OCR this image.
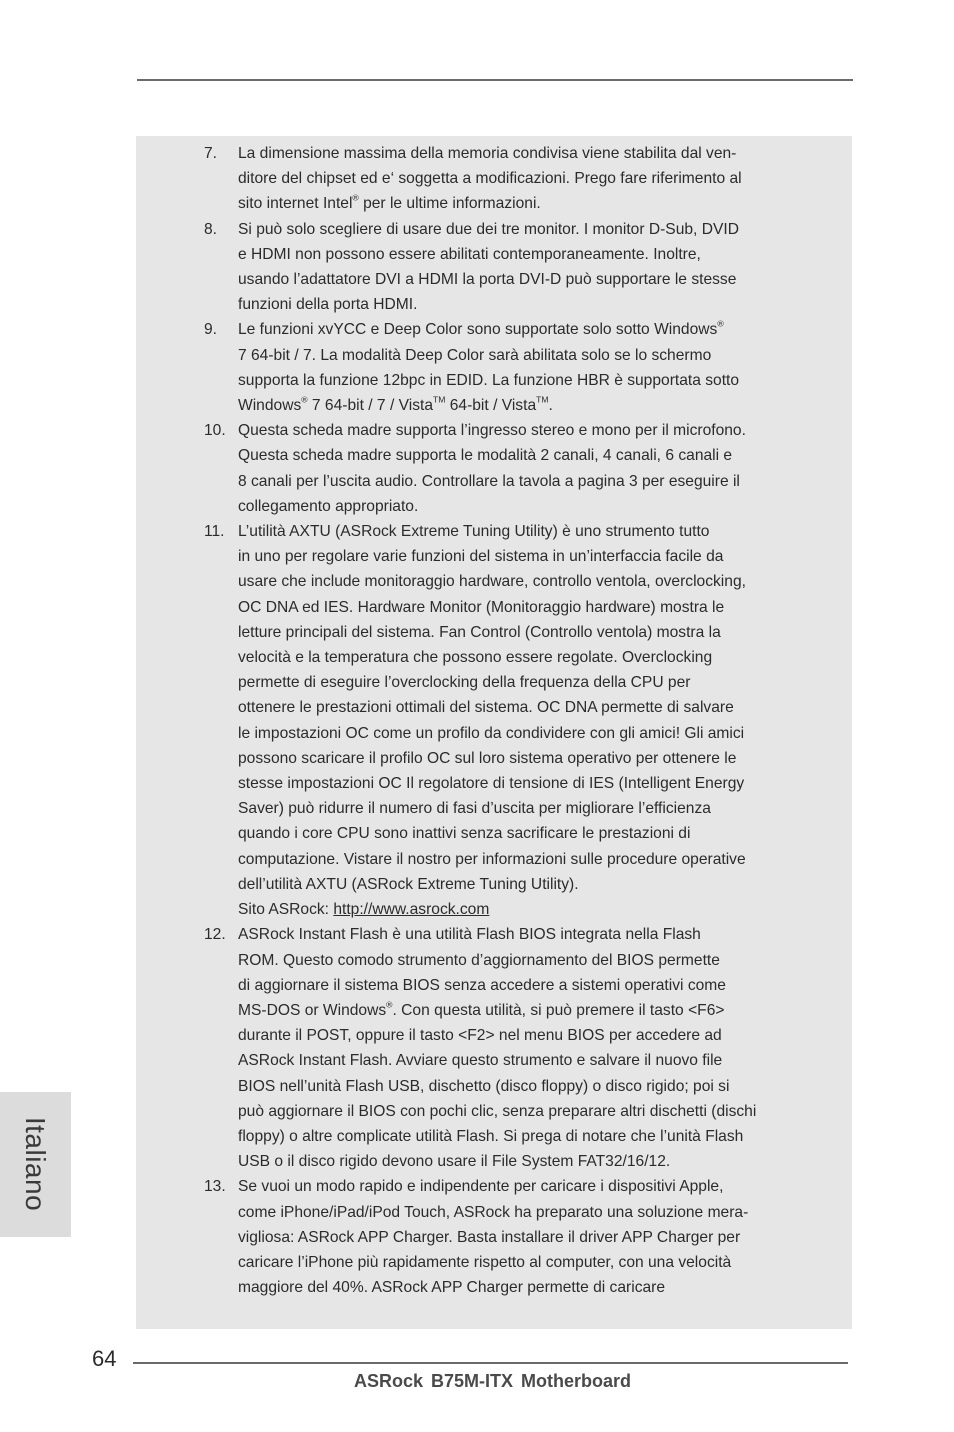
7.	La dimensione massima della memoria condivisa viene stabilita dal ven-
ditore del chipset ed e‘ soggetta a modificazioni. Prego fare riferimento al
sito internet Intel® per le ultime informazioni.
8.	Si può solo scegliere di usare due dei tre monitor. I monitor D-Sub, DVID
e HDMI non possono essere abilitati contemporaneamente. Inoltre,
usando l’adattatore DVI a HDMI la porta DVI-D può supportare le stesse
funzioni della porta HDMI.
9.	Le funzioni xvYCC e Deep Color sono supportate solo sotto Windows®
7 64-bit / 7. La modalità Deep Color sarà abilitata solo se lo schermo
supporta la funzione 12bpc in EDID. La funzione HBR è supportata sotto
Windows® 7 64-bit / 7 / Vista™ 64-bit / Vista™.
10. Questa scheda madre supporta l’ingresso stereo e mono per il microfono.
Questa scheda madre supporta le modalità 2 canali, 4 canali, 6 canali e
8 canali per l’uscita audio. Controllare la tavola a pagina 3 per eseguire il
collegamento appropriato.
11. L’utilità AXTU (ASRock Extreme Tuning Utility) è uno strumento tutto
in uno per regolare varie funzioni del sistema in un’interfaccia facile da
usare che include monitoraggio hardware, controllo ventola, overclocking,
OC DNA ed IES. Hardware Monitor (Monitoraggio hardware) mostra le
letture principali del sistema. Fan Control (Controllo ventola) mostra la
velocità e la temperatura che possono essere regolate. Overclocking
permette di eseguire l’overclocking della frequenza della CPU per
ottenere le prestazioni ottimali del sistema. OC DNA permette di salvare
le impostazioni OC come un profilo da condividere con gli amici! Gli amici
possono scaricare il profilo OC sul loro sistema operativo per ottenere le
stesse impostazioni OC Il regolatore di tensione di IES (Intelligent Energy
Saver) può ridurre il numero di fasi d’uscita per migliorare l’efficienza
quando i core CPU sono inattivi senza sacrificare le prestazioni di
computazione. Vistare il nostro per informazioni sulle procedure operative
dell’utilità AXTU (ASRock Extreme Tuning Utility).
Sito ASRock: http://www.asrock.com
12. ASRock Instant Flash è una utilità Flash BIOS integrata nella Flash
ROM. Questo comodo strumento d’aggiornamento del BIOS permette
di aggiornare il sistema BIOS senza accedere a sistemi operativi come
MS-DOS or Windows®. Con questa utilità, si può premere il tasto <F6>
durante il POST, oppure il tasto <F2> nel menu BIOS per accedere ad
ASRock Instant Flash. Avviare questo strumento e salvare il nuovo file
BIOS nell’unità Flash USB, dischetto (disco floppy) o disco rigido; poi si
può aggiornare il BIOS con pochi clic, senza preparare altri dischetti (dischi
floppy) o altre complicate utilità Flash. Si prega di notare che l’unità Flash
USB o il disco rigido devono usare il File System FAT32/16/12.
13. Se vuoi un modo rapido e indipendente per caricare i dispositivi Apple,
come iPhone/iPad/iPod Touch, ASRock ha preparato una soluzione mera-
vigliosa: ASRock APP Charger. Basta installare il driver APP Charger per
caricare l’iPhone più rapidamente rispetto al computer, con una velocità
maggiore del 40%. ASRock APP Charger permette di caricare
Italiano
64
ASRock B75M-ITX Motherboard
